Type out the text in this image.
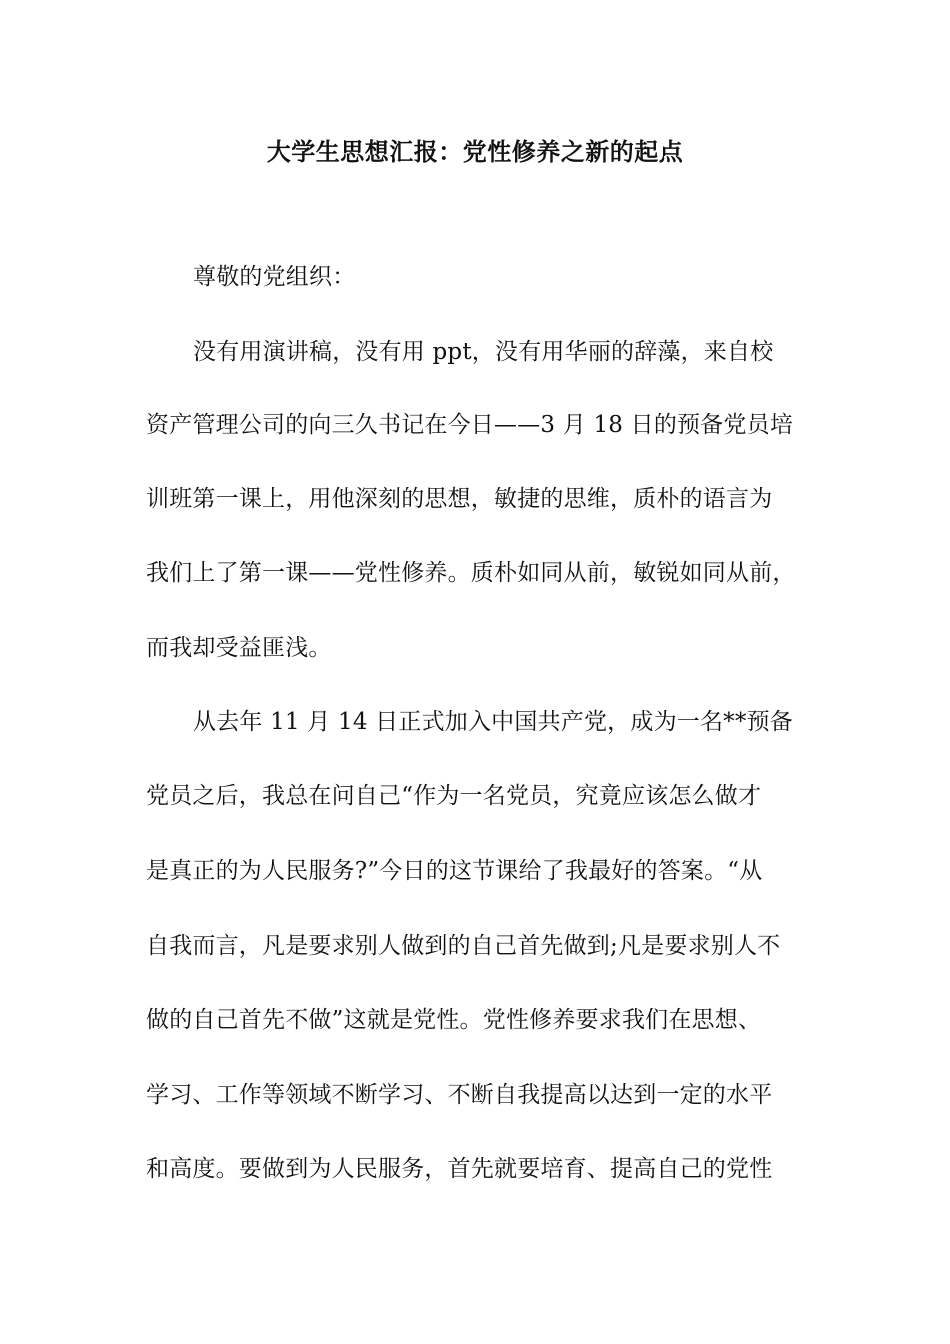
大学生思想汇报：党性修养之新的起点
尊敬的党组织：
没有用演讲稿，没有用 ppt，没有用华丽的辞藻，来自校
资产管理公司的向三久书记在今日——3 月 18 日的预备党员培
训班第一课上，用他深刻的思想，敏捷的思维，质朴的语言为
我们上了第一课——党性修养。质朴如同从前，敏锐如同从前，
而我却受益匪浅。
从去年 11 月 14 日正式加入中国共产党，成为一名**预备
党员之后，我总在问自己“作为一名党员，究竟应该怎么做才
是真正的为人民服务?”今日的这节课给了我最好的答案。“从
自我而言，凡是要求别人做到的自己首先做到;凡是要求别人不
做的自己首先不做”这就是党性。党性修养要求我们在思想、
学习、工作等领域不断学习、不断自我提高以达到一定的水平
和高度。要做到为人民服务，首先就要培育、提高自己的党性
